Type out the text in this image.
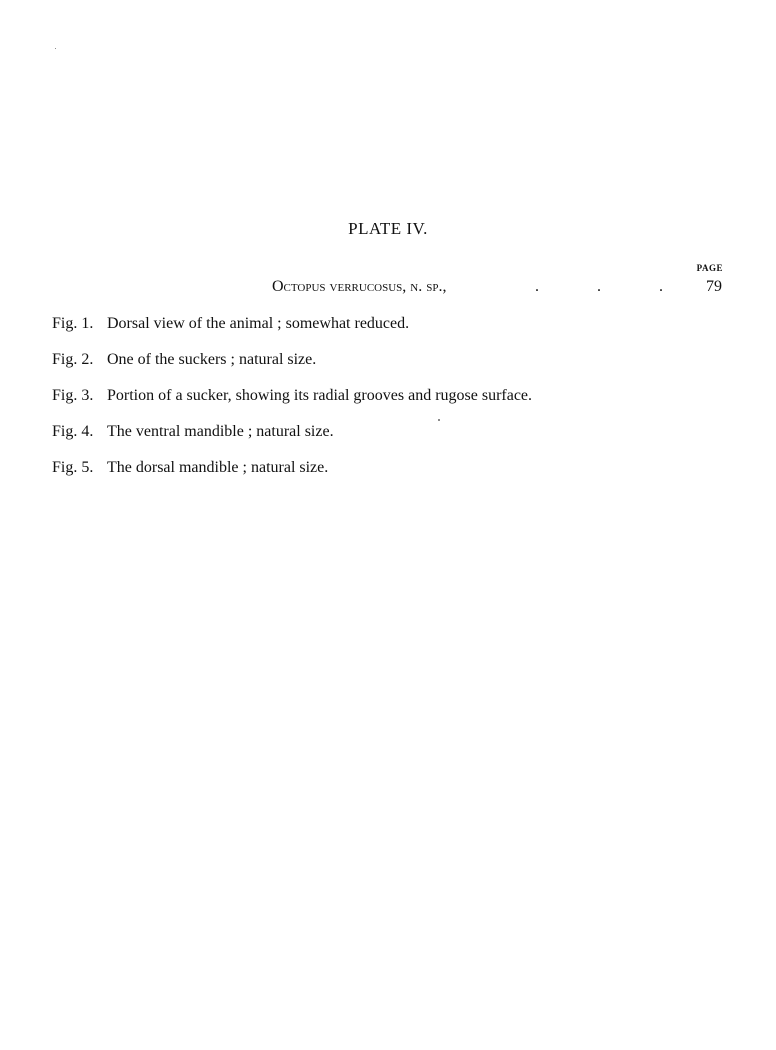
PLATE IV.
PAGE
Octopus verrucosus, n. sp.,	.	.	.	79
Fig. 1. Dorsal view of the animal ; somewhat reduced.
Fig. 2. One of the suckers ; natural size.
Fig. 3. Portion of a sucker, showing its radial grooves and rugose surface.
Fig. 4. The ventral mandible ; natural size.
Fig. 5. The dorsal mandible ; natural size.
